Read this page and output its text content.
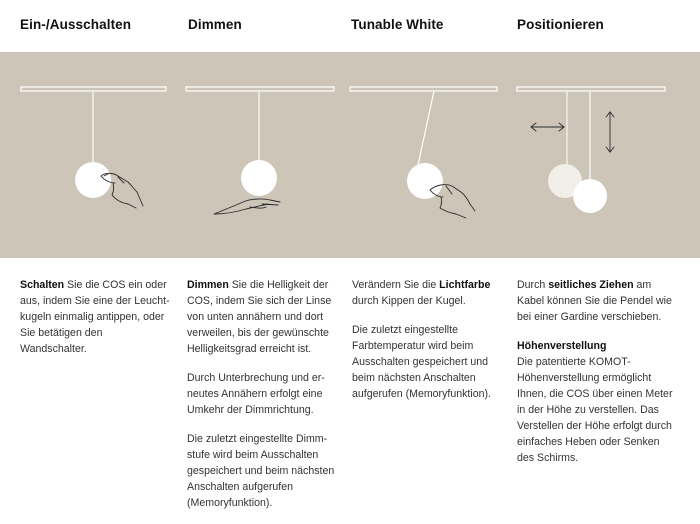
Ein-/Ausschalten	Dimmen	Tunable White	Positionieren

Schalten Sie die COS ein oder aus, indem Sie eine der Leuchtkugeln einmalig antippen, oder Sie betätigen den Wandschalter.

Dimmen Sie die Helligkeit der COS, indem Sie sich der Linse von unten annähern und dort verweilen, bis der gewünschte Helligkeitsgrad erreicht ist.

Durch Unterbrechung und erneutes Annähern erfolgt eine Umkehr der Dimmrichtung.

Die zuletzt eingestellte Dimmstufe wird beim Ausschalten gespeichert und beim nächsten Anschalten aufgerufen (Memoryfunktion).

Verändern Sie die Lichtfarbe durch Kippen der Kugel.

Die zuletzt eingestellte Farbtemperatur wird beim Ausschalten gespeichert und beim nächsten Anschalten aufgerufen (Memoryfunktion).

Durch seitliches Ziehen am Kabel können Sie die Pendel wie bei einer Gardine verschieben.

Höhenverstellung
Die patentierte KOMOT-Höhenverstellung ermöglicht Ihnen, die COS über einen Meter in der Höhe zu verstellen. Das Verstellen der Höhe erfolgt durch einfaches Heben oder Senken des Schirms.
